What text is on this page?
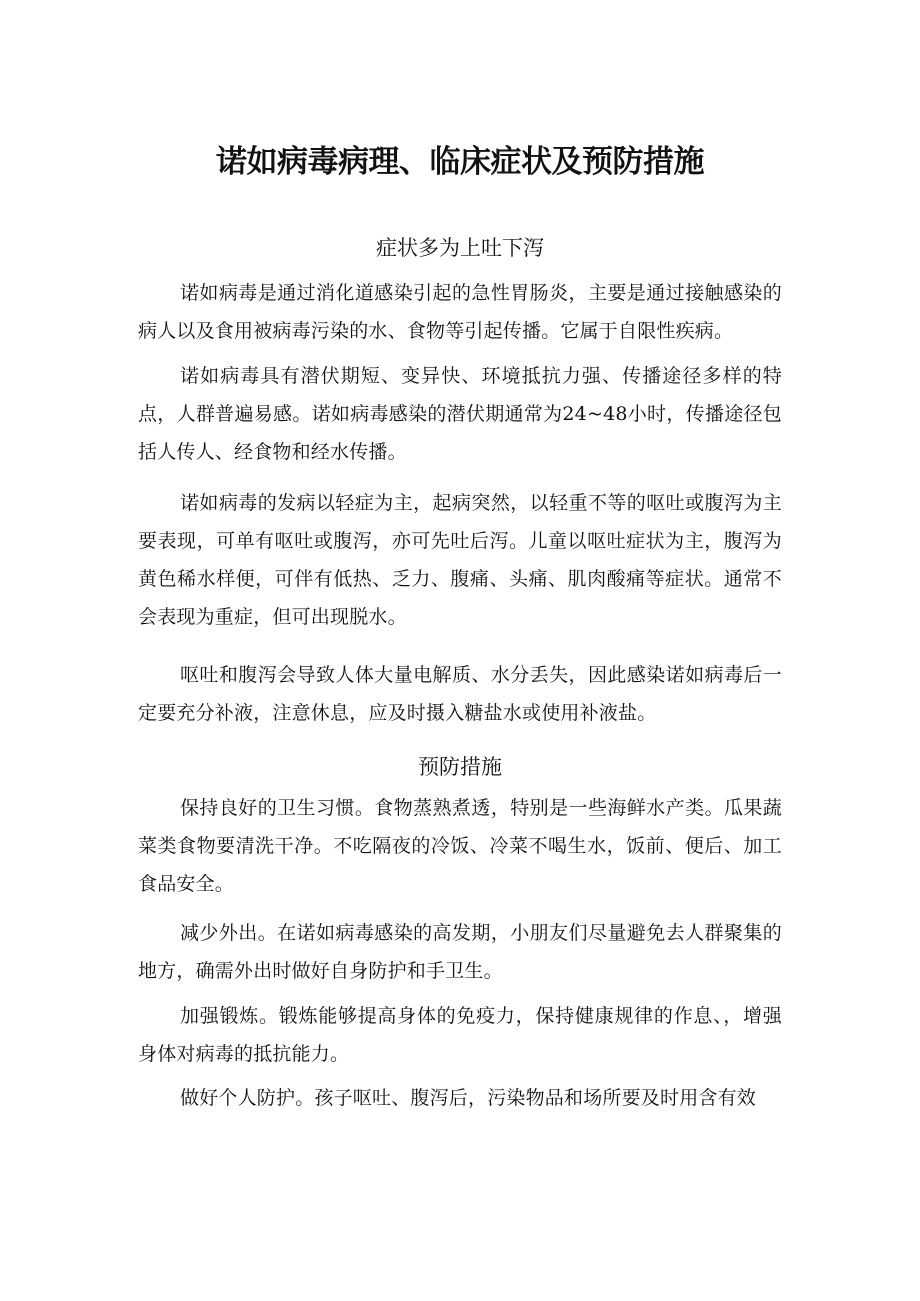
诺如病毒病理、临床症状及预防措施
症状多为上吐下泻

诺如病毒是通过消化道感染引起的急性胃肠炎，主要是通过接触感染的病人以及食用被病毒污染的水、食物等引起传播。它属于自限性疾病。

诺如病毒具有潜伏期短、变异快、环境抵抗力强、传播途径多样的特点，人群普遍易感。诺如病毒感染的潜伏期通常为24~48小时，传播途径包括人传人、经食物和经水传播。

诺如病毒的发病以轻症为主，起病突然，以轻重不等的呕吐或腹泻为主要表现，可单有呕吐或腹泻，亦可先吐后泻。儿童以呕吐症状为主，腹泻为黄色稀水样便，可伴有低热、乏力、腹痛、头痛、肌肉酸痛等症状。通常不会表现为重症，但可出现脱水。

呕吐和腹泻会导致人体大量电解质、水分丢失，因此感染诺如病毒后一定要充分补液，注意休息，应及时摄入糖盐水或使用补液盐。

预防措施

保持良好的卫生习惯。食物蒸熟煮透，特别是一些海鲜水产类。瓜果蔬菜类食物要清洗干净。不吃隔夜的冷饭、冷菜不喝生水，饭前、便后、加工食品安全。

减少外出。在诺如病毒感染的高发期，小朋友们尽量避免去人群聚集的地方，确需外出时做好自身防护和手卫生。

加强锻炼。锻炼能够提高身体的免疫力，保持健康规律的作息、，增强身体对病毒的抵抗能力。

做好个人防护。孩子呕吐、腹泻后，污染物品和场所要及时用含有效
